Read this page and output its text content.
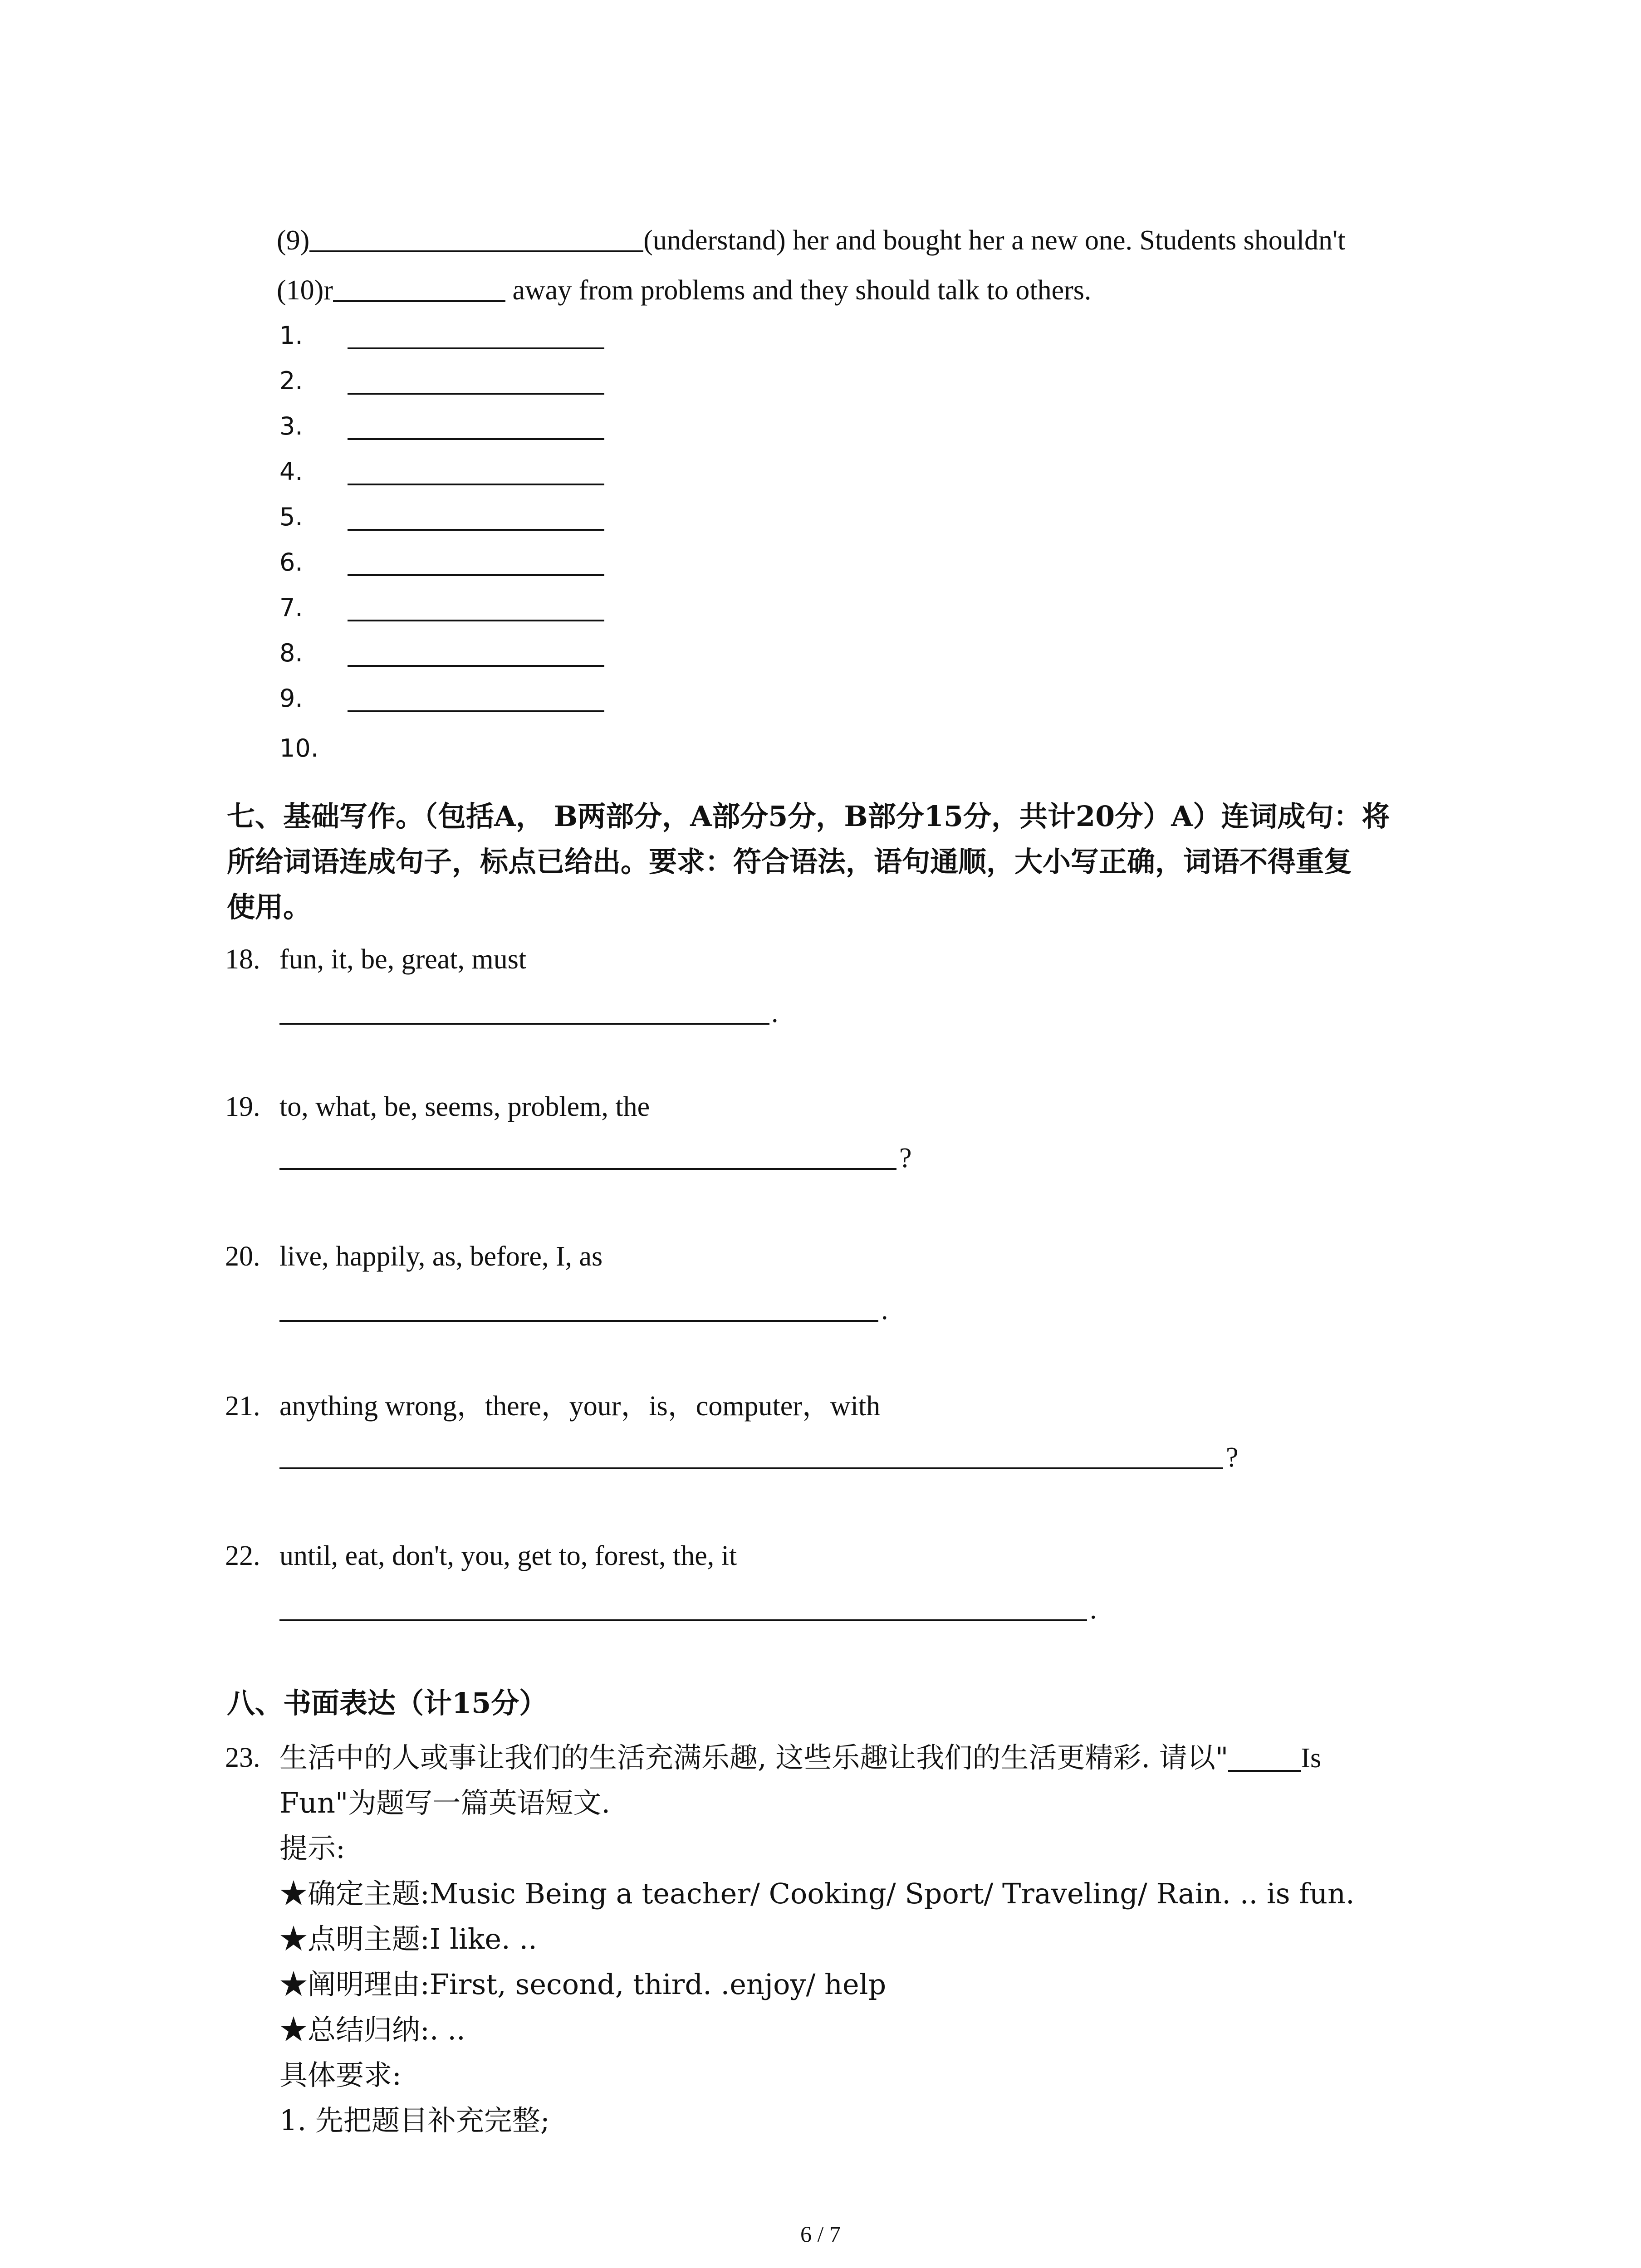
(9)	(understand) her and bought her a new one. Students shouldn't
(10)r	away from problems and they should talk to others.
1.
2.
3.
4.
5.
6.
7.
8.
9.
10.
七、基础写作。（包括A， B两部分，A部分5分，B部分15分，共计20分）A）连词成句：将
所给词语连成句子，标点已给出。要求：符合语法，语句通顺，大小写正确，词语不得重复
使用。
18. fun, it, be, great, must
.
19. to, what, be, seems, problem, the
?
20. live, happily, as, before, I, as
.
21. anything wrong，there，your，is，computer，with
?
22. until, eat, don't, you, get to, forest, the, it
.
八、书面表达（计15分）
23. 生活中的人或事让我们的生活充满乐趣, 这些乐趣让我们的生活更精彩. 请以"	Is
Fun"为题写一篇英语短文.
提示:
★确定主题:Music Being a teacher/ Cooking/ Sport/ Traveling/ Rain. .. is fun.
★点明主题:I like. ..
★阐明理由:First, second, third. .enjoy/ help
★总结归纳:. ..
具体要求:
1. 先把题目补充完整;
6 / 7
